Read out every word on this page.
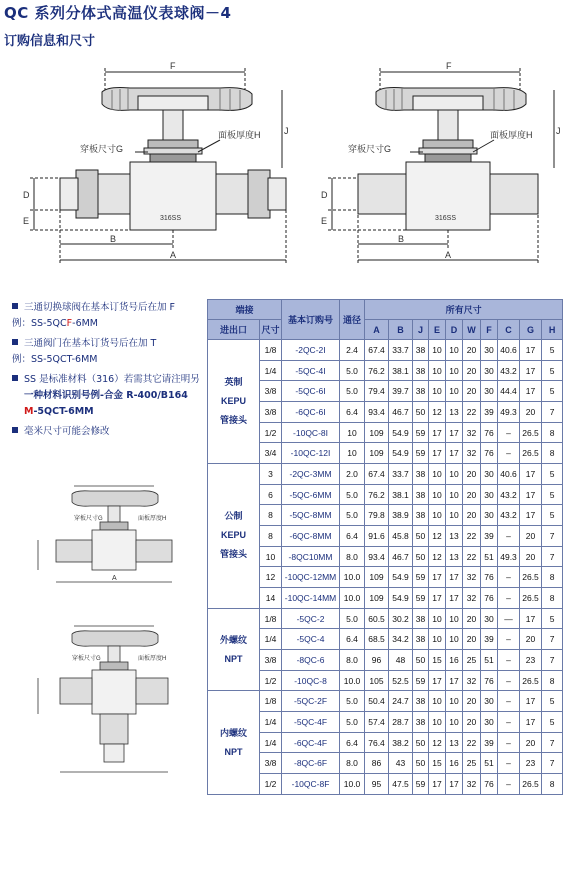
QC 系列分体式高温仪表球阀－4
订购信息和尺寸
F
J
D
E
B
A
穿板尺寸G
面板厚度H
316SS
F
J
D
E
B
A
穿板尺寸G
面板厚度H
316SS

三通切换球阀在基本订货号后在加 F

例：SS-5QCF-6MM

三通阀门在基本订货号后在加 T

例：SS-5QCT-6MM

SS 是标准材料（316）若需其它请注明另

一种材料识别号例-合金 R-400/B164

M-5QCT-6MM

毫米尺寸可能会修改

穿板尺寸G	面板厚度H
A
穿板尺寸G	面板厚度H
端接		基本订购号	通径	所有尺寸									
进出口	尺寸			A	B	J	E	D	W	F	C	G	H

英制
KEPU
管接头	1/8	-2QC-2I	2.4	67.4	33.7	38	10	10	20	30	40.6	17	5
	1/4	-5QC-4I	5.0	76.2	38.1	38	10	10	20	30	43.2	17	5
	3/8	-5QC-6I	5.0	79.4	39.7	38	10	10	20	30	44.4	17	5
	3/8	-6QC-6I	6.4	93.4	46.7	50	12	13	22	39	49.3	20	7
	1/2	-10QC-8I	10	109	54.9	59	17	17	32	76	–	26.5	8
	3/4	-10QC-12I	10	109	54.9	59	17	17	32	76	–	26.5	8

公制
KEPU
管接头	3	-2QC-3MM	2.0	67.4	33.7	38	10	10	20	30	40.6	17	5
	6	-5QC-6MM	5.0	76.2	38.1	38	10	10	20	30	43.2	17	5
	8	-5QC-8MM	5.0	79.8	38.9	38	10	10	20	30	43.2	17	5
	8	-6QC-8MM	6.4	91.6	45.8	50	12	13	22	39	–	20	7
	10	-8QC10MM	8.0	93.4	46.7	50	12	13	22	51	49.3	20	7
	12	-10QC-12MM	10.0	109	54.9	59	17	17	32	76	–	26.5	8
	14	-10QC-14MM	10.0	109	54.9	59	17	17	32	76	–	26.5	8

外螺纹
NPT	1/8	-5QC-2	5.0	60.5	30.2	38	10	10	20	30	—	17	5
	1/4	-5QC-4	6.4	68.5	34.2	38	10	10	20	39	–	20	7
	3/8	-8QC-6	8.0	96	48	50	15	16	25	51	–	23	7
	1/2	-10QC-8	10.0	105	52.5	59	17	17	32	76	–	26.5	8

内螺纹
NPT	1/8	-5QC-2F	5.0	50.4	24.7	38	10	10	20	30	–	17	5
	1/4	-5QC-4F	5.0	57.4	28.7	38	10	10	20	30	–	17	5
	1/4	-6QC-4F	6.4	76.4	38.2	50	12	13	22	39	–	20	7
	3/8	-8QC-6F	8.0	86	43	50	15	16	25	51	–	23	7
	1/2	-10QC-8F	10.0	95	47.5	59	17	17	32	76	–	26.5	8
